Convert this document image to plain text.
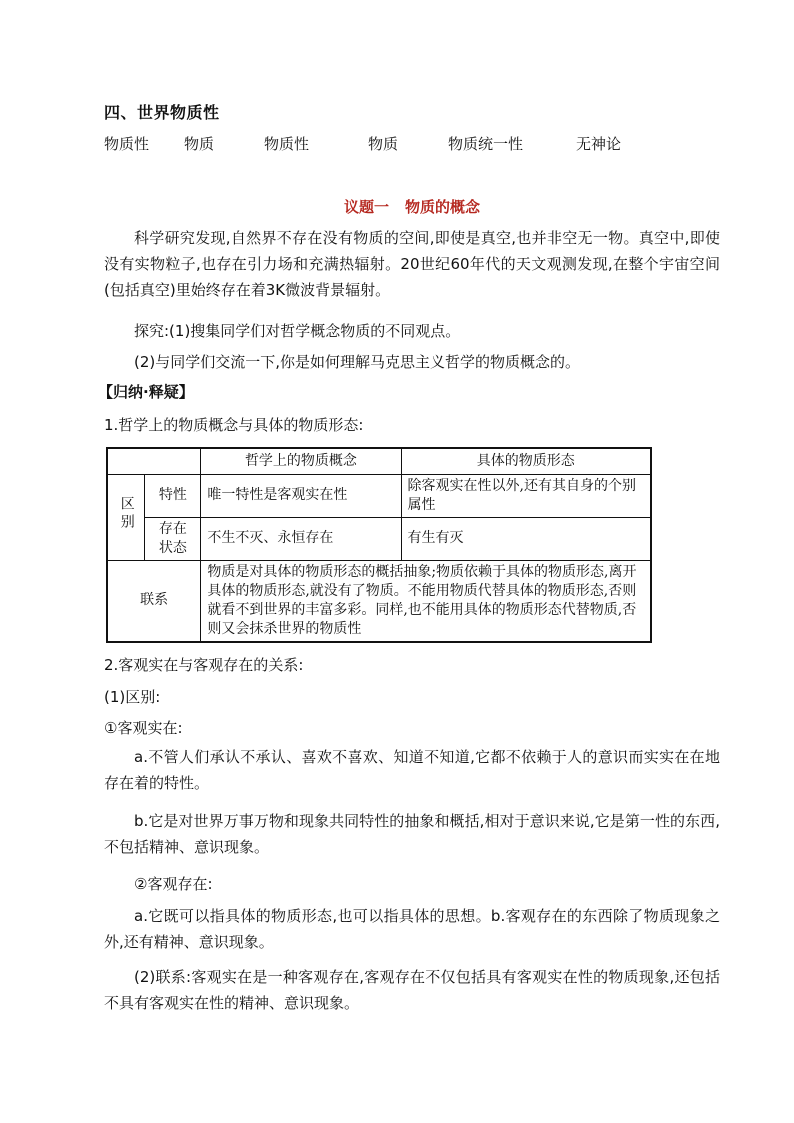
四、世界物质性
物质性 物质	物质性	物质	物质统一性	无神论
议题一 物质的概念
科学研究发现,自然界不存在没有物质的空间,即使是真空,也并非空无一物。真空中,即使没有实物粒子,也存在引力场和充满热辐射。20世纪60年代的天文观测发现,在整个宇宙空间(包括真空)里始终存在着3K微波背景辐射。
探究:(1)搜集同学们对哲学概念物质的不同观点。
(2)与同学们交流一下,你是如何理解马克思主义哲学的物质概念的。
【归纳·释疑】
1.哲学上的物质概念与具体的物质形态:
		哲学上的物质概念	具体的物质形态
区别	特性	唯一特性是客观实在性	除客观实在性以外,还有其自身的个别属性
	存在状态	不生不灭、永恒存在	有生有灭
联系		物质是对具体的物质形态的概括抽象;物质依赖于具体的物质形态,离开具体的物质形态,就没有了物质。不能用物质代替具体的物质形态,否则就看不到世界的丰富多彩。同样,也不能用具体的物质形态代替物质,否则又会抹杀世界的物质性	
2.客观实在与客观存在的关系:
(1)区别:
①客观实在:
a.不管人们承认不承认、喜欢不喜欢、知道不知道,它都不依赖于人的意识而实实在在地存在着的特性。
b.它是对世界万事万物和现象共同特性的抽象和概括,相对于意识来说,它是第一性的东西,不包括精神、意识现象。
②客观存在:
a.它既可以指具体的物质形态,也可以指具体的思想。b.客观存在的东西除了物质现象之外,还有精神、意识现象。
(2)联系:客观实在是一种客观存在,客观存在不仅包括具有客观实在性的物质现象,还包括不具有客观实在性的精神、意识现象。
